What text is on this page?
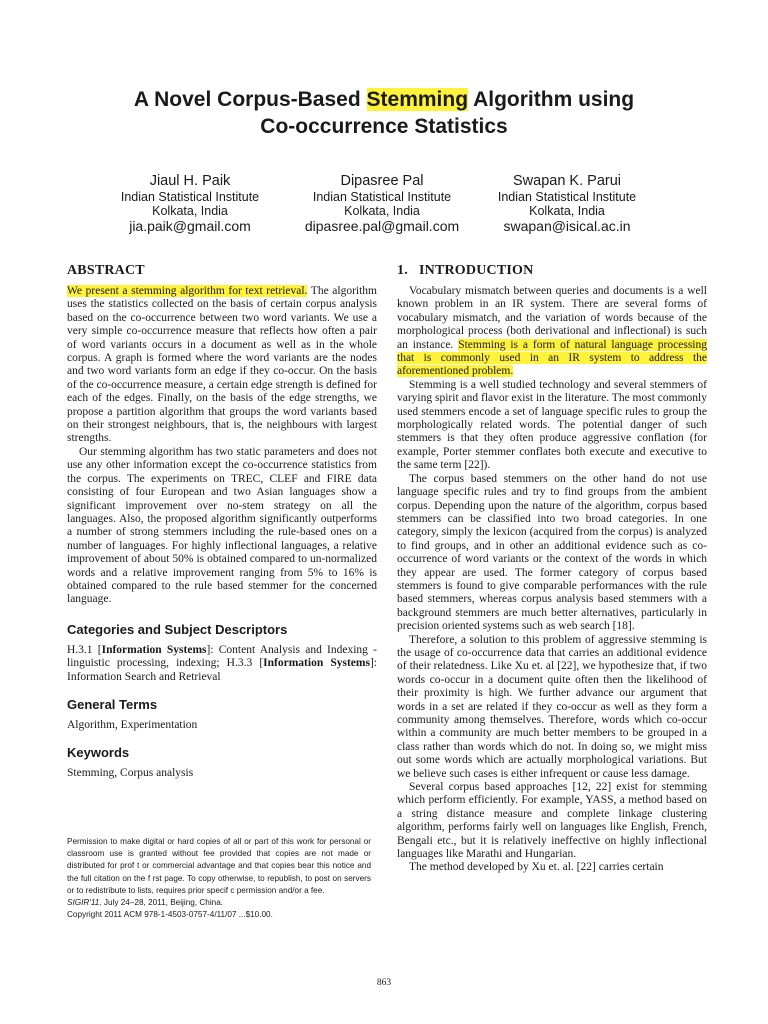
A Novel Corpus-Based Stemming Algorithm using
Co-occurrence Statistics
Jiaul H. Paik
Indian Statistical Institute
Kolkata, India
jia.paik@gmail.com
Dipasree Pal
Indian Statistical Institute
Kolkata, India
dipasree.pal@gmail.com
Swapan K. Parui
Indian Statistical Institute
Kolkata, India
swapan@isical.ac.in
ABSTRACT

We present a stemming algorithm for text retrieval. The algorithm uses the statistics collected on the basis of certain corpus analysis based on the co-occurrence between two word variants. We use a very simple co-occurrence measure that reflects how often a pair of word variants occurs in a document as well as in the whole corpus. A graph is formed where the word variants are the nodes and two word variants form an edge if they co-occur. On the basis of the co-occurrence measure, a certain edge strength is defined for each of the edges. Finally, on the basis of the edge strengths, we propose a partition algorithm that groups the word variants based on their strongest neighbours, that is, the neighbours with largest strengths.

Our stemming algorithm has two static parameters and does not use any other information except the co-occurrence statistics from the corpus. The experiments on TREC, CLEF and FIRE data consisting of four European and two Asian languages show a significant improvement over no-stem strategy on all the languages. Also, the proposed algorithm significantly outperforms a number of strong stemmers including the rule-based ones on a number of languages. For highly inflectional languages, a relative improvement of about 50% is obtained compared to un-normalized words and a relative improvement ranging from 5% to 16% is obtained compared to the rule based stemmer for the concerned language.

Categories and Subject Descriptors

H.3.1 [Information Systems]: Content Analysis and Indexing - linguistic processing, indexing; H.3.3 [Information Systems]: Information Search and Retrieval

General Terms

Algorithm, Experimentation

Keywords

Stemming, Corpus analysis

Permission to make digital or hard copies of all or part of this work for personal or classroom use is granted without fee provided that copies are not made or distributed for prof t or commercial advantage and that copies bear this notice and the full citation on the f rst page. To copy otherwise, to republish, to post on servers or to redistribute to lists, requires prior specif c permission and/or a fee.
SIGIR'11, July 24–28, 2011, Beijing, China.
Copyright 2011 ACM 978-1-4503-0757-4/11/07 ...$10.00.
1.   INTRODUCTION

Vocabulary mismatch between queries and documents is a well known problem in an IR system. There are several forms of vocabulary mismatch, and the variation of words because of the morphological process (both derivational and inflectional) is such an instance. Stemming is a form of natural language processing that is commonly used in an IR system to address the aforementioned problem.

Stemming is a well studied technology and several stemmers of varying spirit and flavor exist in the literature. The most commonly used stemmers encode a set of language specific rules to group the morphologically related words. The potential danger of such stemmers is that they often produce aggressive conflation (for example, Porter stemmer conflates both execute and executive to the same term [22]).

The corpus based stemmers on the other hand do not use language specific rules and try to find groups from the ambient corpus. Depending upon the nature of the algorithm, corpus based stemmers can be classified into two broad categories. In one category, simply the lexicon (acquired from the corpus) is analyzed to find groups, and in other an additional evidence such as co-occurrence of word variants or the context of the words in which they appear are used. The former category of corpus based stemmers is found to give comparable performances with the rule based stemmers, whereas corpus analysis based stemmers with a background stemmers are much better alternatives, particularly in precision oriented systems such as web search [18].

Therefore, a solution to this problem of aggressive stemming is the usage of co-occurrence data that carries an additional evidence of their relatedness. Like Xu et. al [22], we hypothesize that, if two words co-occur in a document quite often then the likelihood of their proximity is high. We further advance our argument that words in a set are related if they co-occur as well as they form a community among themselves. Therefore, words which co-occur within a community are much better members to be grouped in a class rather than words which do not. In doing so, we might miss out some words which are actually morphological variations. But we believe such cases is either infrequent or cause less damage.

Several corpus based approaches [12, 22] exist for stemming which perform efficiently. For example, YASS, a method based on a string distance measure and complete linkage clustering algorithm, performs fairly well on languages like English, French, Bengali etc., but it is relatively ineffective on highly inflectional languages like Marathi and Hungarian.

The method developed by Xu et. al. [22] carries certain

863
